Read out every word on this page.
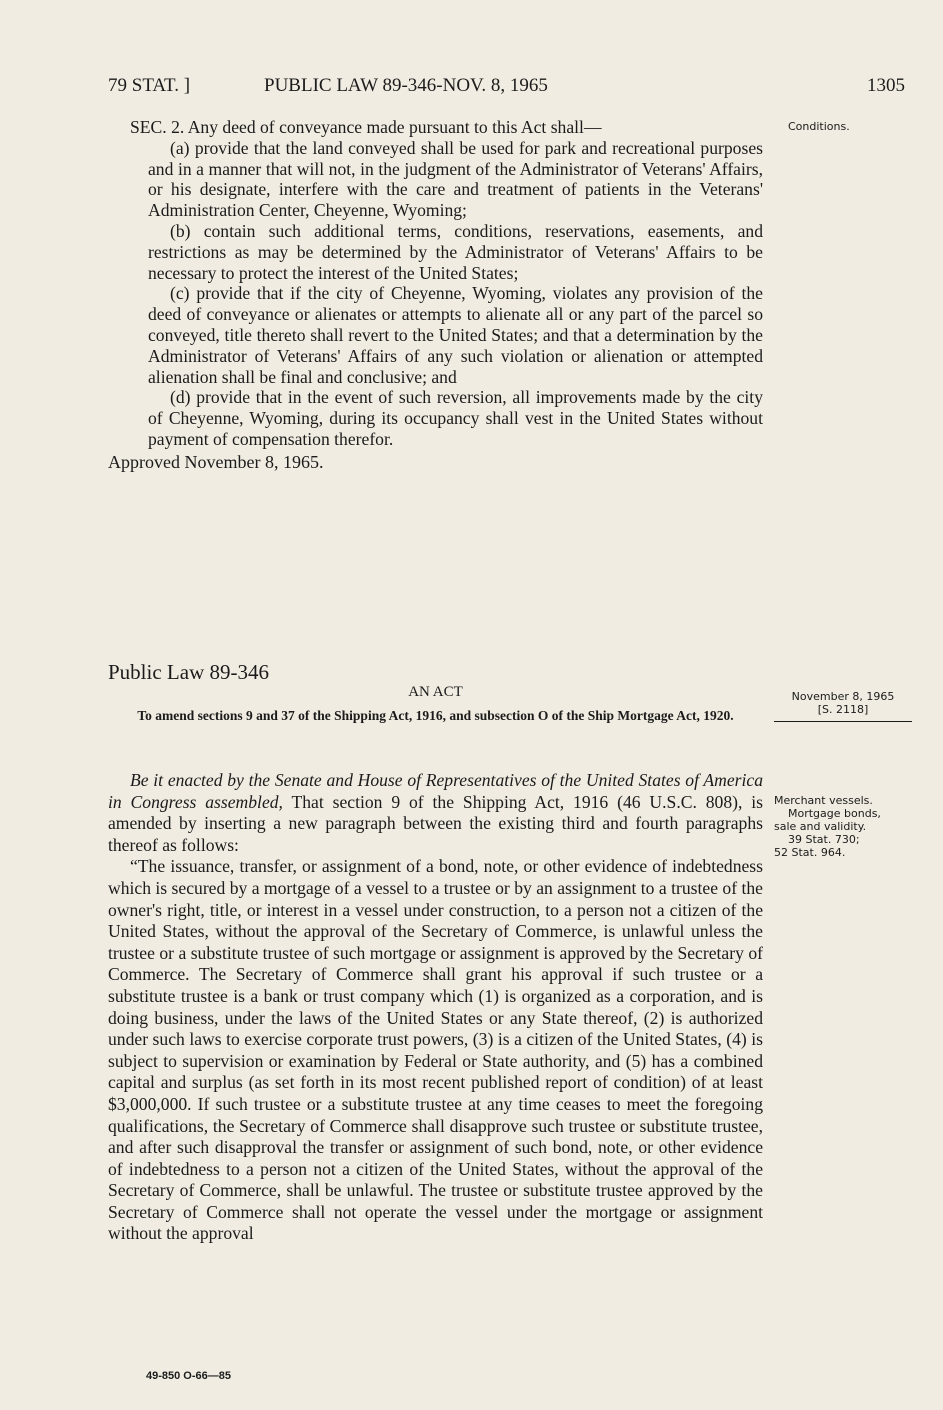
79 STAT. ]	PUBLIC LAW 89-346-NOV. 8, 1965	1305

SEC. 2. Any deed of conveyance made pursuant to this Act shall—

(a) provide that the land conveyed shall be used for park and recreational purposes and in a manner that will not, in the judgment of the Administrator of Veterans' Affairs, or his designate, interfere with the care and treatment of patients in the Veterans' Administration Center, Cheyenne, Wyoming;

(b) contain such additional terms, conditions, reservations, easements, and restrictions as may be determined by the Administrator of Veterans' Affairs to be necessary to protect the interest of the United States;

(c) provide that if the city of Cheyenne, Wyoming, violates any provision of the deed of conveyance or alienates or attempts to alienate all or any part of the parcel so conveyed, title thereto shall revert to the United States; and that a determination by the Administrator of Veterans' Affairs of any such violation or alienation or attempted alienation shall be final and conclusive; and

(d) provide that in the event of such reversion, all improvements made by the city of Cheyenne, Wyoming, during its occupancy shall vest in the United States without payment of compensation therefor.

Approved November 8, 1965.

Public Law 89-346
AN ACT
To amend sections 9 and 37 of the Shipping Act, 1916, and subsection O of the Ship Mortgage Act, 1920.

Be it enacted by the Senate and House of Representatives of the United States of America in Congress assembled, That section 9 of the Shipping Act, 1916 (46 U.S.C. 808), is amended by inserting a new paragraph between the existing third and fourth paragraphs thereof as follows:

“The issuance, transfer, or assignment of a bond, note, or other evidence of indebtedness which is secured by a mortgage of a vessel to a trustee or by an assignment to a trustee of the owner's right, title, or interest in a vessel under construction, to a person not a citizen of the United States, without the approval of the Secretary of Commerce, is unlawful unless the trustee or a substitute trustee of such mortgage or assignment is approved by the Secretary of Commerce. The Secretary of Commerce shall grant his approval if such trustee or a substitute trustee is a bank or trust company which (1) is organized as a corporation, and is doing business, under the laws of the United States or any State thereof, (2) is authorized under such laws to exercise corporate trust powers, (3) is a citizen of the United States, (4) is subject to supervision or examination by Federal or State authority, and (5) has a combined capital and surplus (as set forth in its most recent published report of condition) of at least $3,000,000. If such trustee or a substitute trustee at any time ceases to meet the foregoing qualifications, the Secretary of Commerce shall disapprove such trustee or substitute trustee, and after such disapproval the transfer or assignment of such bond, note, or other evidence of indebtedness to a person not a citizen of the United States, without the approval of the Secretary of Commerce, shall be unlawful. The trustee or substitute trustee approved by the Secretary of Commerce shall not operate the vessel under the mortgage or assignment without the approval

49-850 O-66—85
Conditions.
November 8, 1965
[S. 2118]
Merchant vessels.
Mortgage bonds,
sale and validity.
39 Stat. 730;
52 Stat. 964.
